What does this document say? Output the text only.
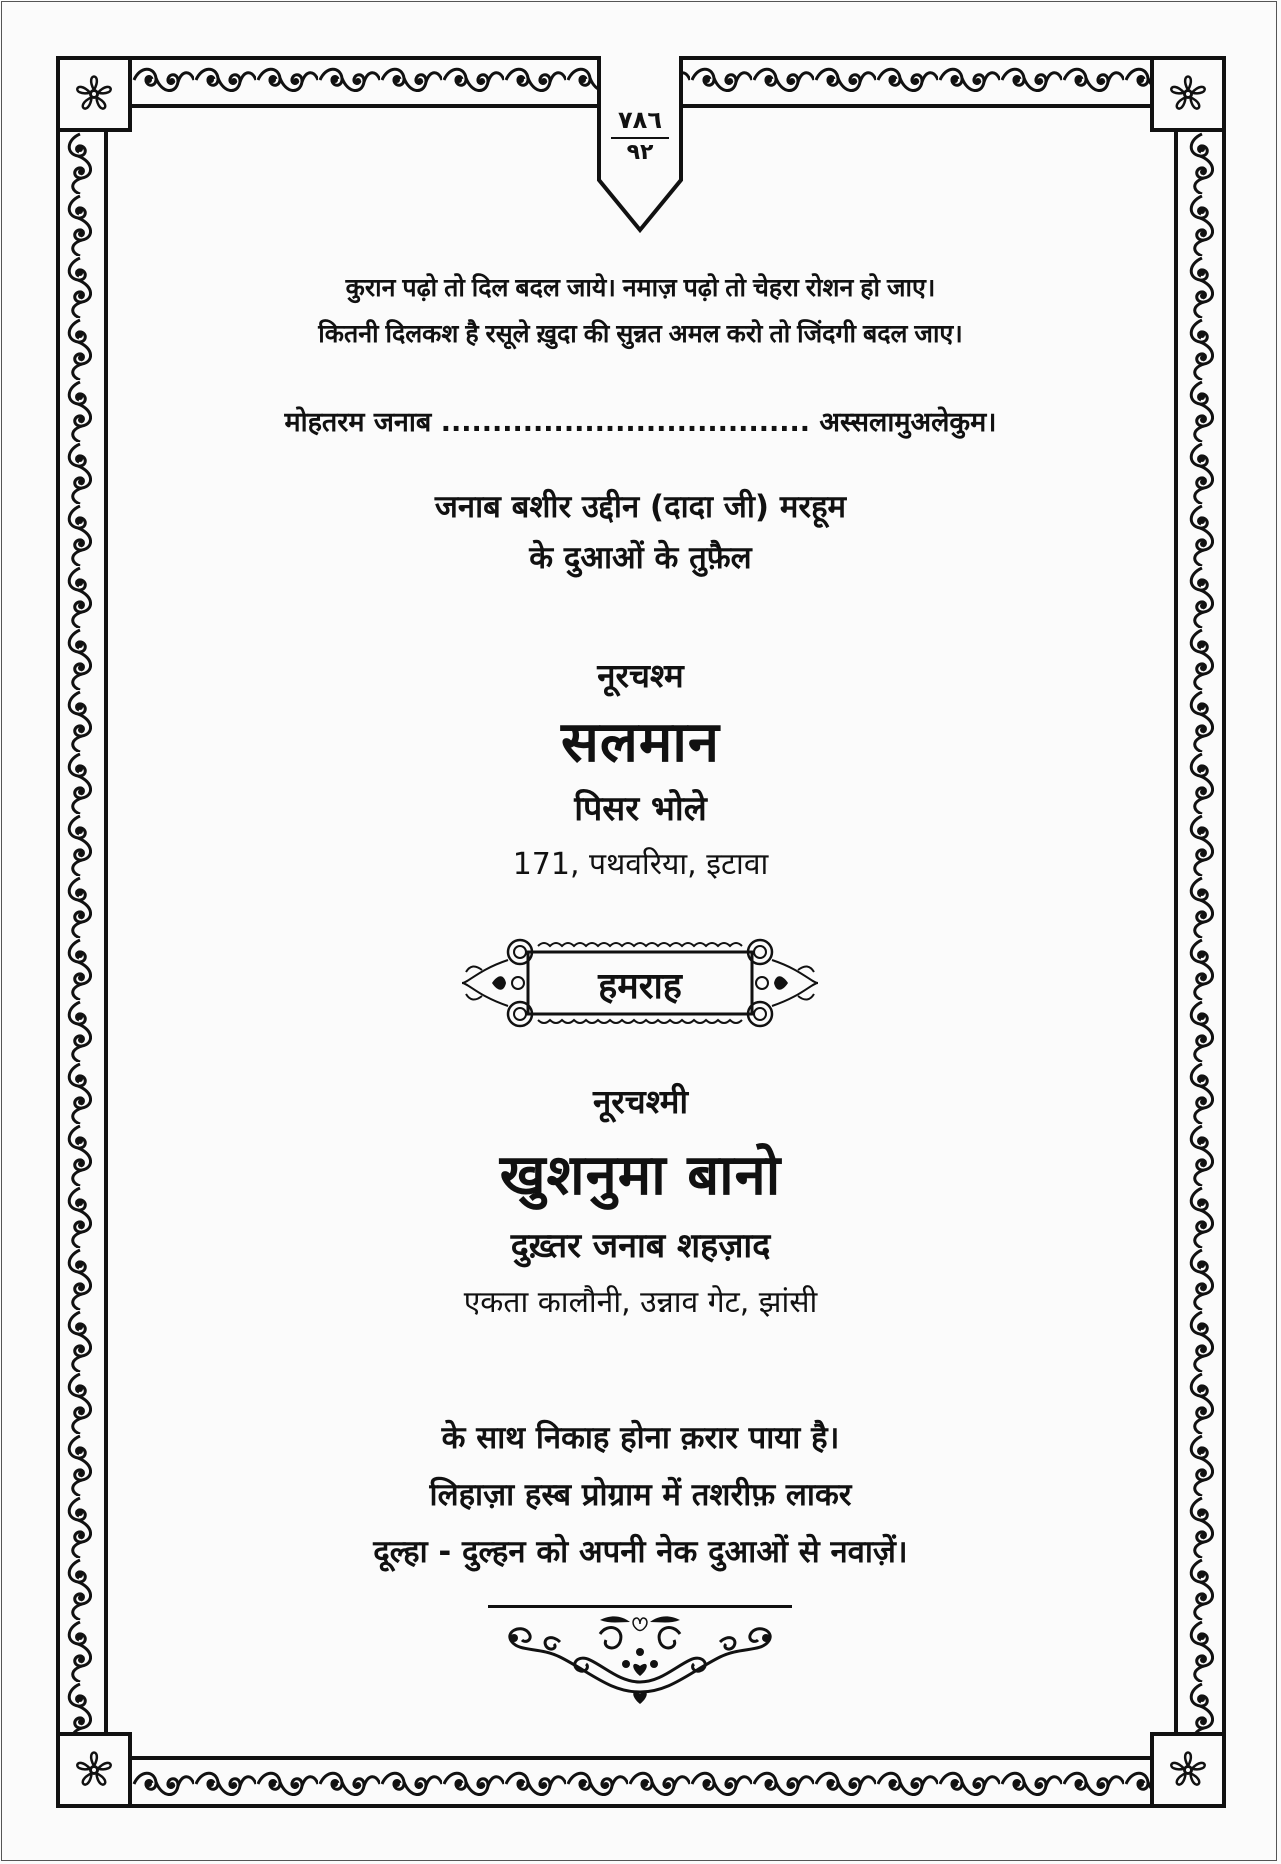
٧٨٦
٩٢
कुरान पढ़ो तो दिल बदल जाये। नमाज़ पढ़ो तो चेहरा रोशन हो जाए।
कितनी दिलकश है रसूले ख़ुदा की सुन्नत अमल करो तो जिंदगी बदल जाए।
मोहतरम जनाब .................................... अस्सलामुअलेकुम।
जनाब बशीर उद्दीन (दादा जी) मरहूम
के दुआओं के तुफ़ैल
नूरचश्म
सलमान
पिसर भोले
171, पथवरिया, इटावा
हमराह
नूरचश्मी
खुशनुमा बानो
दुख़्तर जनाब शहज़ाद
एकता कालौनी, उन्नाव गेट, झांसी
के साथ निकाह होना क़रार पाया है।
लिहाज़ा हस्ब प्रोग्राम में तशरीफ़ लाकर
दूल्हा - दुल्हन को अपनी नेक दुआओं से नवाज़ें।
